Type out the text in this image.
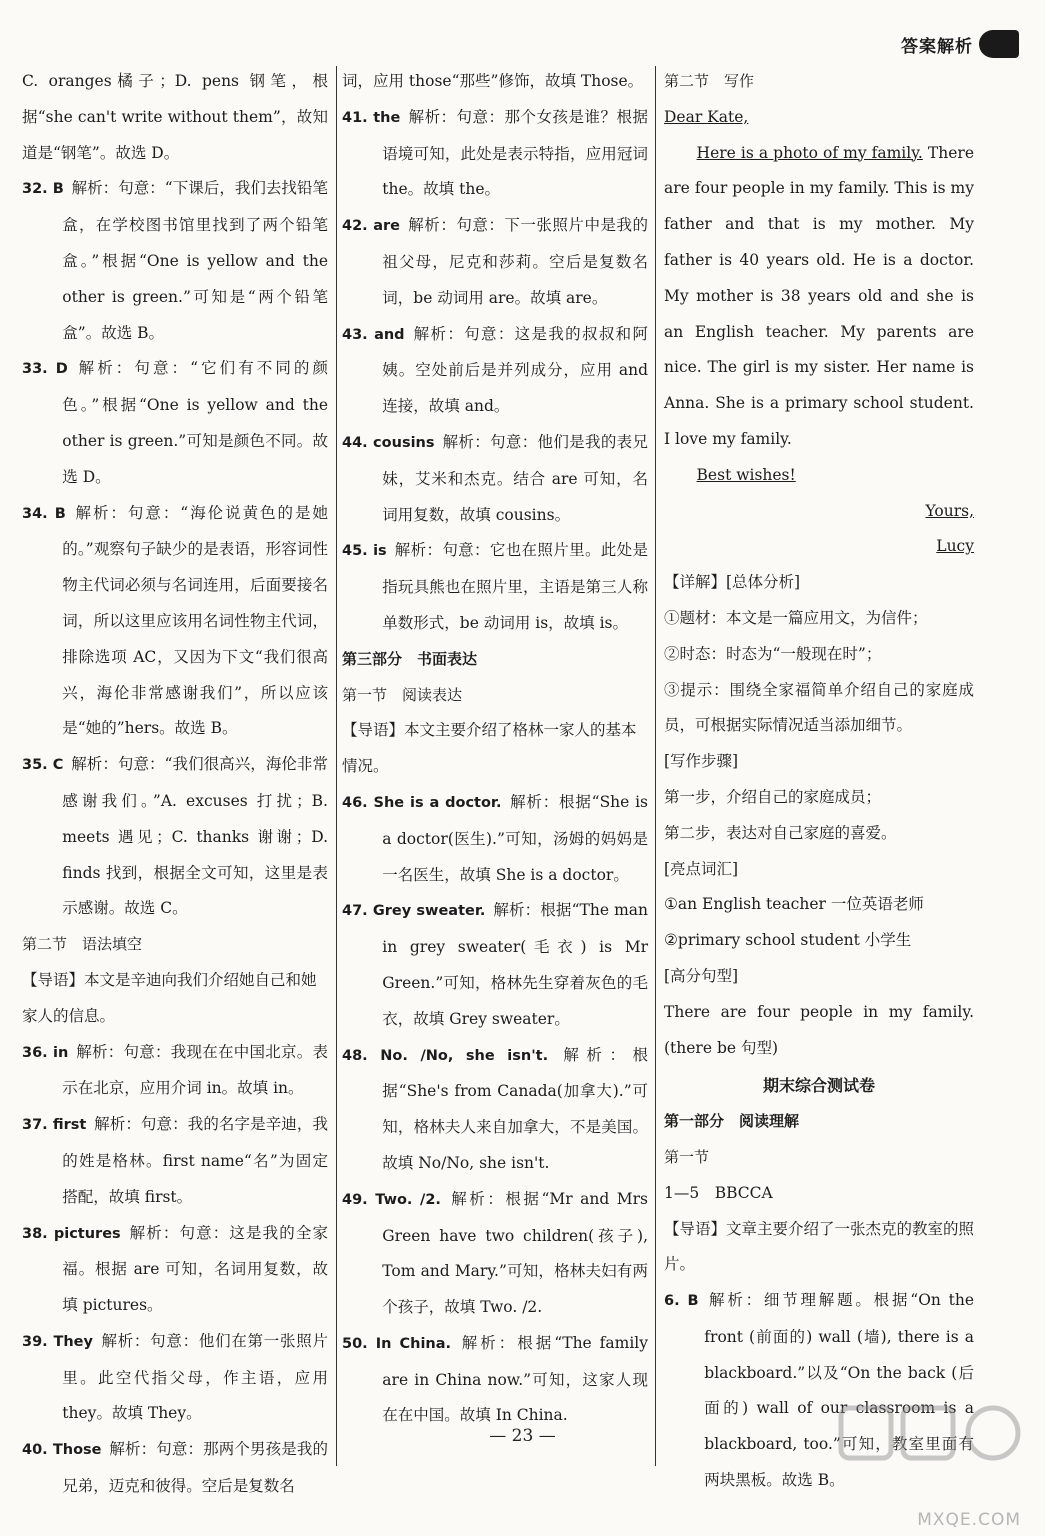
答案解析

C. oranges橘子；D. pens 钢笔，根据“she can't write without them”，故知道是“钢笔”。故选 D。

32. B  解析：句意：“下课后，我们去找铅笔盒，在学校图书馆里找到了两个铅笔盒。”根据“One is yellow and the other is green.”可知是“两个铅笔盒”。故选 B。

33. D  解析：句意：“它们有不同的颜色。”根据“One is yellow and the other is green.”可知是颜色不同。故选 D。

34. B  解析：句意：“海伦说黄色的是她的。”观察句子缺少的是表语，形容词性物主代词必须与名词连用，后面要接名词，所以这里应该用名词性物主代词，排除选项 AC，又因为下文“我们很高兴，海伦非常感谢我们”，所以应该是“她的”hers。故选 B。

35. C  解析：句意：“我们很高兴，海伦非常感谢我们。”A. excuses 打扰；B. meets 遇见；C. thanks 谢谢；D. finds 找到，根据全文可知，这里是表示感谢。故选 C。

第二节　语法填空

【导语】本文是辛迪向我们介绍她自己和她家人的信息。

36. in  解析：句意：我现在在中国北京。表示在北京，应用介词 in。故填 in。

37. first  解析：句意：我的名字是辛迪，我的姓是格林。first name“名”为固定搭配，故填 first。

38. pictures  解析：句意：这是我的全家福。根据 are 可知，名词用复数，故填 pictures。

39. They  解析：句意：他们在第一张照片里。此空代指父母，作主语，应用 they。故填 They。

40. Those  解析：句意：那两个男孩是我的兄弟，迈克和彼得。空后是复数名

词，应用 those“那些”修饰，故填 Those。

41. the  解析：句意：那个女孩是谁？根据语境可知，此处是表示特指，应用冠词 the。故填 the。

42. are  解析：句意：下一张照片中是我的祖父母，尼克和莎莉。空后是复数名词，be 动词用 are。故填 are。

43. and  解析：句意：这是我的叔叔和阿姨。空处前后是并列成分，应用 and 连接，故填 and。

44. cousins  解析：句意：他们是我的表兄妹，艾米和杰克。结合 are 可知，名词用复数，故填 cousins。

45. is  解析：句意：它也在照片里。此处是指玩具熊也在照片里，主语是第三人称单数形式，be 动词用 is，故填 is。

第三部分　书面表达

第一节　阅读表达

【导语】本文主要介绍了格林一家人的基本情况。

46. She is a doctor.  解析：根据“She is a doctor(医生).”可知，汤姆的妈妈是一名医生，故填 She is a doctor。

47. Grey sweater.  解析：根据“The man in grey sweater(毛衣) is Mr Green.”可知，格林先生穿着灰色的毛衣，故填 Grey sweater。

48. No. /No, she isn't.  解析：根据“She's from Canada(加拿大).”可知，格林夫人来自加拿大，不是美国。故填 No/No, she isn't.

49. Two. /2.  解析：根据“Mr and Mrs Green have two children(孩子), Tom and Mary.”可知，格林夫妇有两个孩子，故填 Two. /2.

50. In China.  解析：根据“The family are in China now.”可知，这家人现在在中国。故填 In China.

第二节　写作

Dear Kate,

Here is a photo of my family. There are four people in my family. This is my father and that is my mother. My father is 40 years old. He is a doctor. My mother is 38 years old and she is an English teacher. My parents are nice. The girl is my sister. Her name is Anna. She is a primary school student. I love my family.

Best wishes!

Yours,

Lucy

【详解】[总体分析]

①题材：本文是一篇应用文，为信件；

②时态：时态为“一般现在时”；

③提示：围绕全家福简单介绍自己的家庭成员，可根据实际情况适当添加细节。

[写作步骤]

第一步，介绍自己的家庭成员；

第二步，表达对自己家庭的喜爱。

[亮点词汇]

①an English teacher 一位英语老师

②primary school student 小学生

[高分句型]

There are four people in my family. (there be 句型)

期末综合测试卷

第一部分　阅读理解

第一节

1—5　BBCCA

【导语】文章主要介绍了一张杰克的教室的照片。

6. B  解析：细节理解题。根据“On the front (前面的) wall (墙), there is a blackboard.”以及“On the back (后面的) wall of our classroom is a blackboard, too.”可知，教室里面有两块黑板。故选 B。

— 23 —
MXQE.COM
